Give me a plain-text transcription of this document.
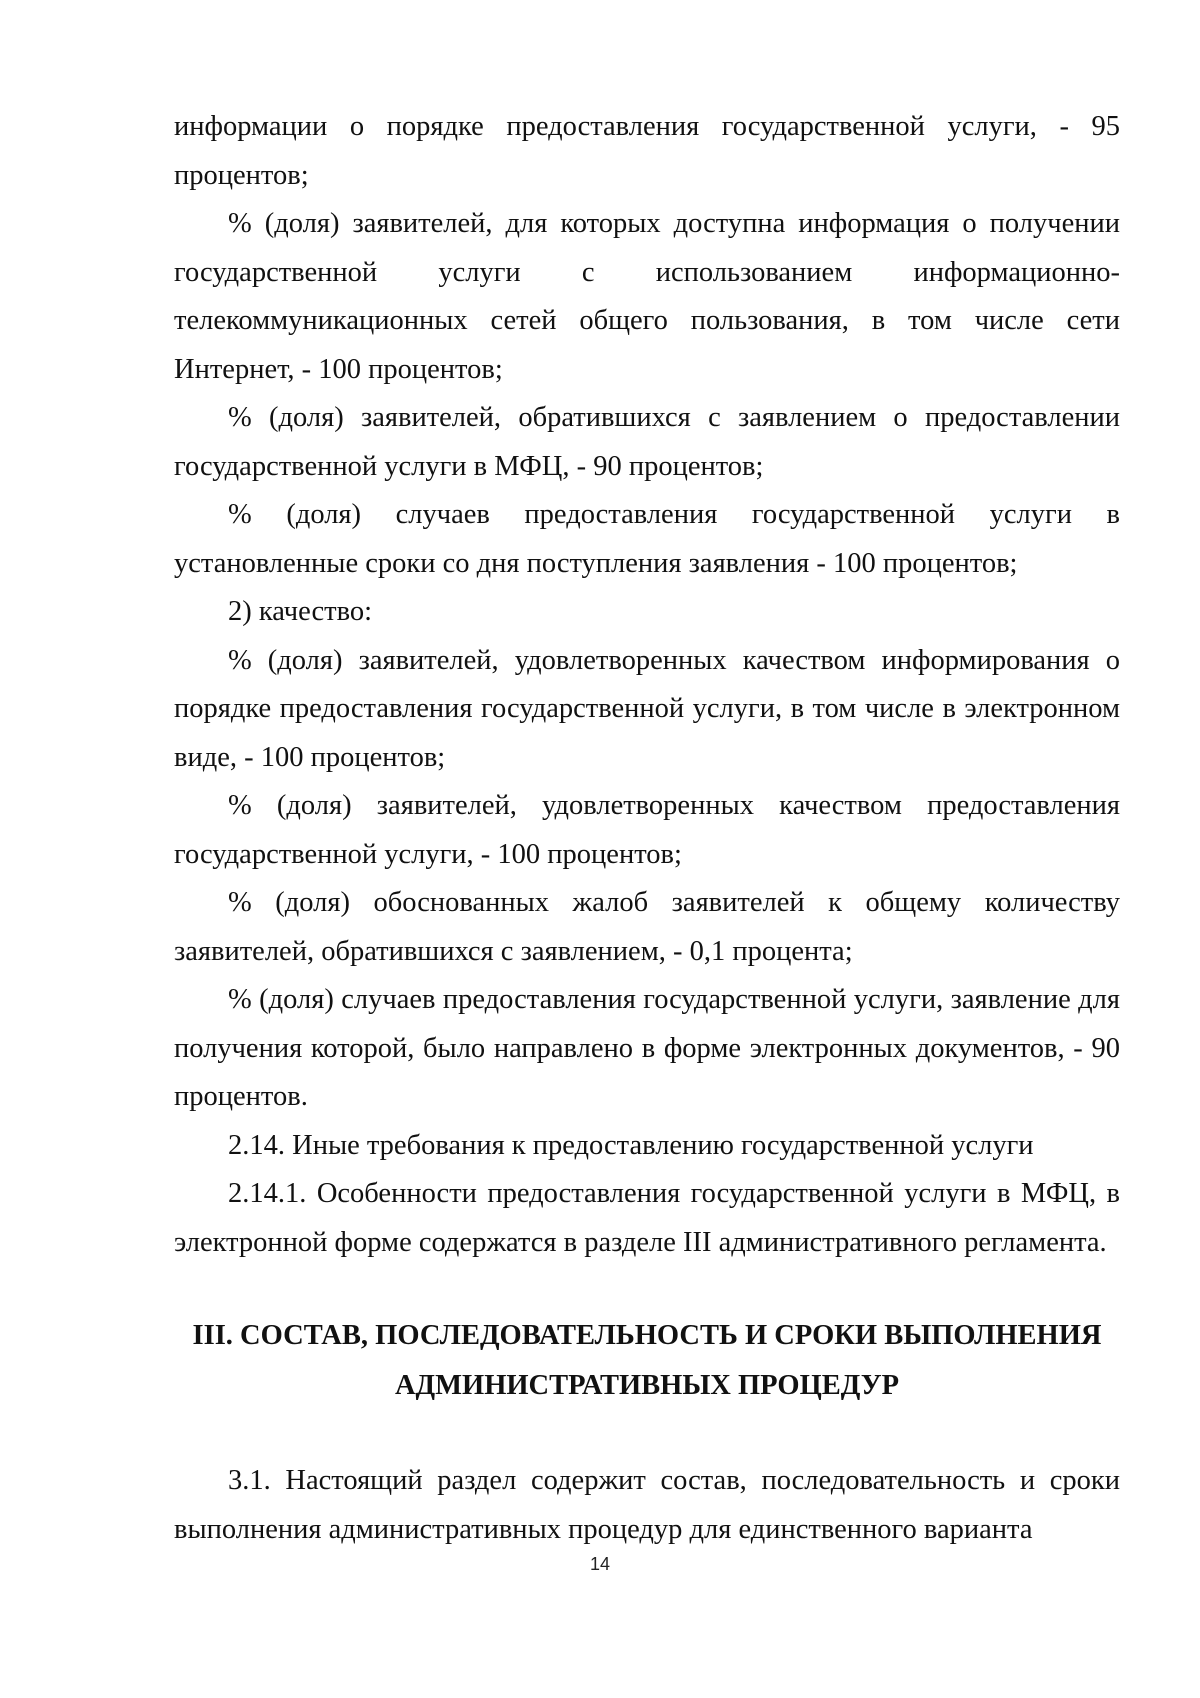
информации о порядке предоставления государственной услуги, - 95 процентов;

% (доля) заявителей, для которых доступна информация о получении государственной услуги с использованием информационно-телекоммуникационных сетей общего пользования, в том числе сети Интернет, - 100 процентов;

% (доля) заявителей, обратившихся с заявлением о предоставлении государственной услуги в МФЦ, - 90 процентов;

% (доля) случаев предоставления государственной услуги в установленные сроки со дня поступления заявления - 100 процентов;

2) качество:

% (доля) заявителей, удовлетворенных качеством информирования о порядке предоставления государственной услуги, в том числе в электронном виде, - 100 процентов;

% (доля) заявителей, удовлетворенных качеством предоставления государственной услуги, - 100 процентов;

% (доля) обоснованных жалоб заявителей к общему количеству заявителей, обратившихся с заявлением, - 0,1 процента;

% (доля) случаев предоставления государственной услуги, заявление для получения которой, было направлено в форме электронных документов, - 90 процентов.

2.14. Иные требования к предоставлению государственной услуги

2.14.1. Особенности предоставления государственной услуги в МФЦ, в электронной форме содержатся в разделе III административного регламента.

III. СОСТАВ, ПОСЛЕДОВАТЕЛЬНОСТЬ И СРОКИ ВЫПОЛНЕНИЯ
АДМИНИСТРАТИВНЫХ ПРОЦЕДУР

3.1. Настоящий раздел содержит состав, последовательность и сроки выполнения административных процедур для единственного варианта

14
